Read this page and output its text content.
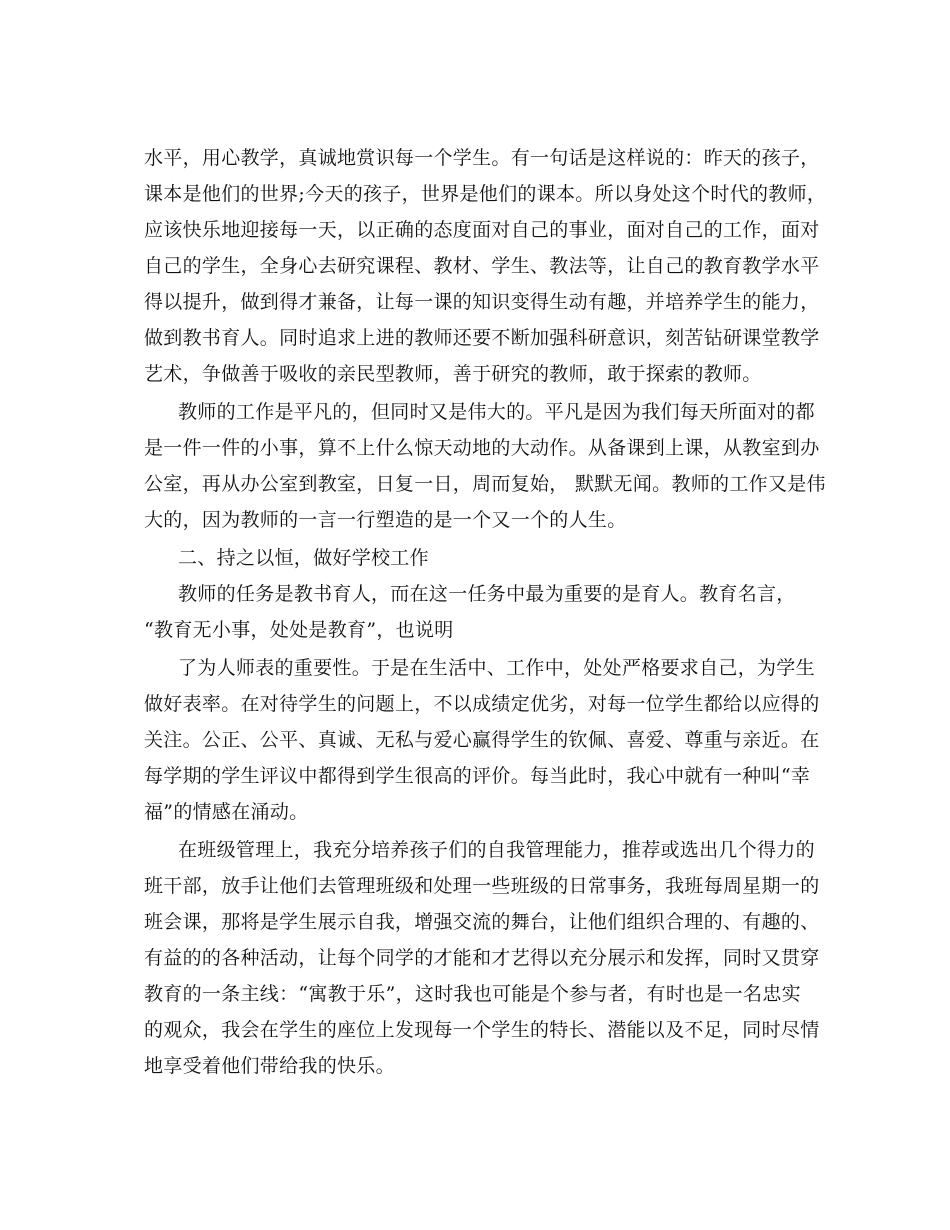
水平，用心教学，真诚地赏识每一个学生。有一句话是这样说的：昨天的孩子，
课本是他们的世界;今天的孩子，世界是他们的课本。所以身处这个时代的教师，
应该快乐地迎接每一天，以正确的态度面对自己的事业，面对自己的工作，面对
自己的学生，全身心去研究课程、教材、学生、教法等，让自己的教育教学水平
得以提升，做到得才兼备，让每一课的知识变得生动有趣，并培养学生的能力，
做到教书育人。同时追求上进的教师还要不断加强科研意识，刻苦钻研课堂教学
艺术，争做善于吸收的亲民型教师，善于研究的教师，敢于探索的教师。
教师的工作是平凡的，但同时又是伟大的。平凡是因为我们每天所面对的都
是一件一件的小事，算不上什么惊天动地的大动作。从备课到上课，从教室到办
公室，再从办公室到教室，日复一日，周而复始， 默默无闻。教师的工作又是伟
大的，因为教师的一言一行塑造的是一个又一个的人生。
二、持之以恒，做好学校工作
教师的任务是教书育人，而在这一任务中最为重要的是育人。教育名言，
“教育无小事，处处是教育”，也说明
了为人师表的重要性。于是在生活中、工作中，处处严格要求自己，为学生
做好表率。在对待学生的问题上，不以成绩定优劣，对每一位学生都给以应得的
关注。公正、公平、真诚、无私与爱心赢得学生的钦佩、喜爱、尊重与亲近。在
每学期的学生评议中都得到学生很高的评价。每当此时，我心中就有一种叫“幸
福”的情感在涌动。
在班级管理上，我充分培养孩子们的自我管理能力，推荐或选出几个得力的
班干部，放手让他们去管理班级和处理一些班级的日常事务，我班每周星期一的
班会课，那将是学生展示自我，增强交流的舞台，让他们组织合理的、有趣的、
有益的的各种活动，让每个同学的才能和才艺得以充分展示和发挥，同时又贯穿
教育的一条主线：“寓教于乐”，这时我也可能是个参与者，有时也是一名忠实
的观众，我会在学生的座位上发现每一个学生的特长、潜能以及不足，同时尽情
地享受着他们带给我的快乐。
